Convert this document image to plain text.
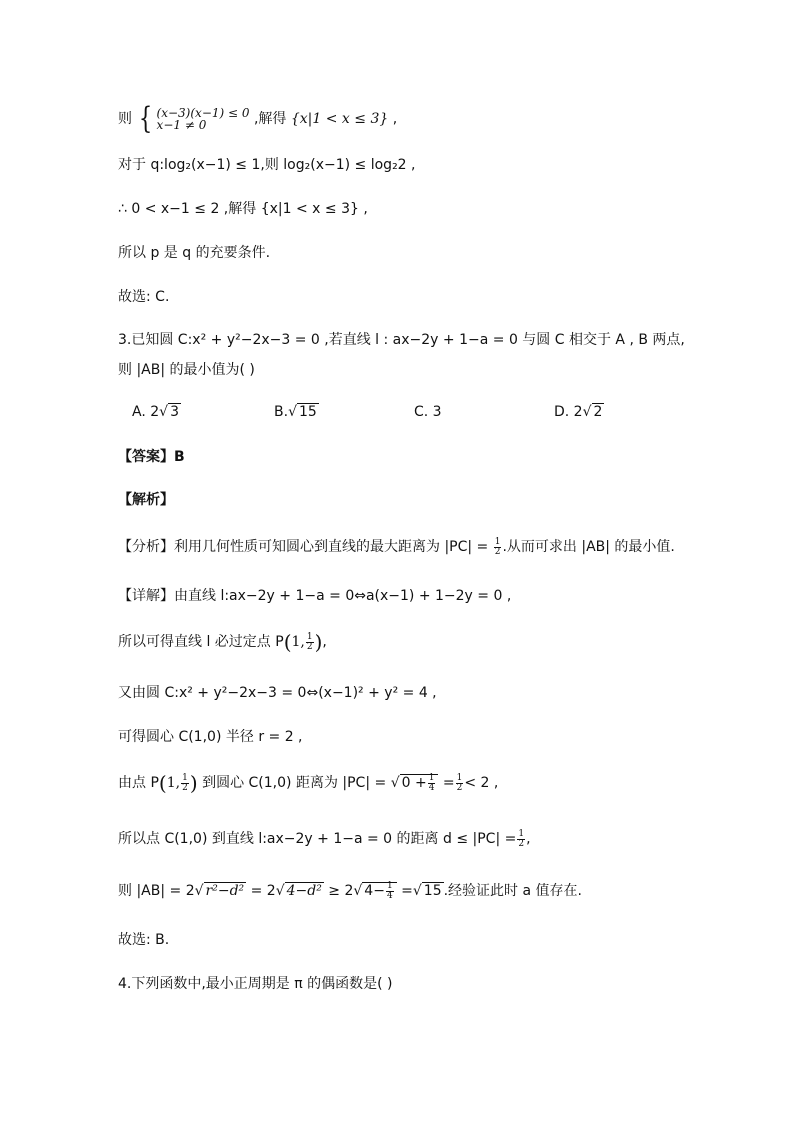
则 { (x−3)(x−1) ≤ 0
x−1 ≠ 0	,解得 {x|1 < x ≤ 3} ,
对于 q:log₂(x−1) ≤ 1,则 log₂(x−1) ≤ log₂2 ,
∴ 0 < x−1 ≤ 2 ,解得 {x|1 < x ≤ 3} ,
所以 p 是 q 的充要条件.
故选: C.
3.已知圆 C:x² + y²−2x−3 = 0 ,若直线 l : ax−2y + 1−a = 0 与圆 C 相交于 A , B 两点,
则 |AB| 的最小值为( )
A. 2√ 3	B.√ 15	C. 3	D. 2√ 2
【答案】B
【解析】
【分析】利用几何性质可知圆心到直线的最大距离为 $|PC| = \frac{1}{2}$ .从而可求出 |AB| 的最小值.
【详解】由直线 l:ax−2y + 1−a = 0⇔a(x−1) + 1−2y = 0 ,
所以可得直线 l 必过定点 P(1, $\frac{1}{2}$ ),
又由圆 C:x² + y²−2x−3 = 0⇔(x−1)² + y² = 4 ,
可得圆心 C(1,0) 半径 r = 2 ,
由点 P(1, $\frac{1}{2}$ ) 到圆心 C(1,0) 距离为 |PC| = √ $0 + \frac{1}{4} = \frac{1}{2} < 2$ ,
所以点 C(1,0) 到直线 l:ax−2y + 1−a = 0 的距离 $d \le |PC| = \frac{1}{2}$ ,
则 |AB| = 2√ r²−d² = 2√ 4−d² ≥ 2√ $4- \frac{1}{4}$ =√ 15 .经验证此时 a 值存在.
故选: B.
4.下列函数中,最小正周期是 π 的偶函数是( )
